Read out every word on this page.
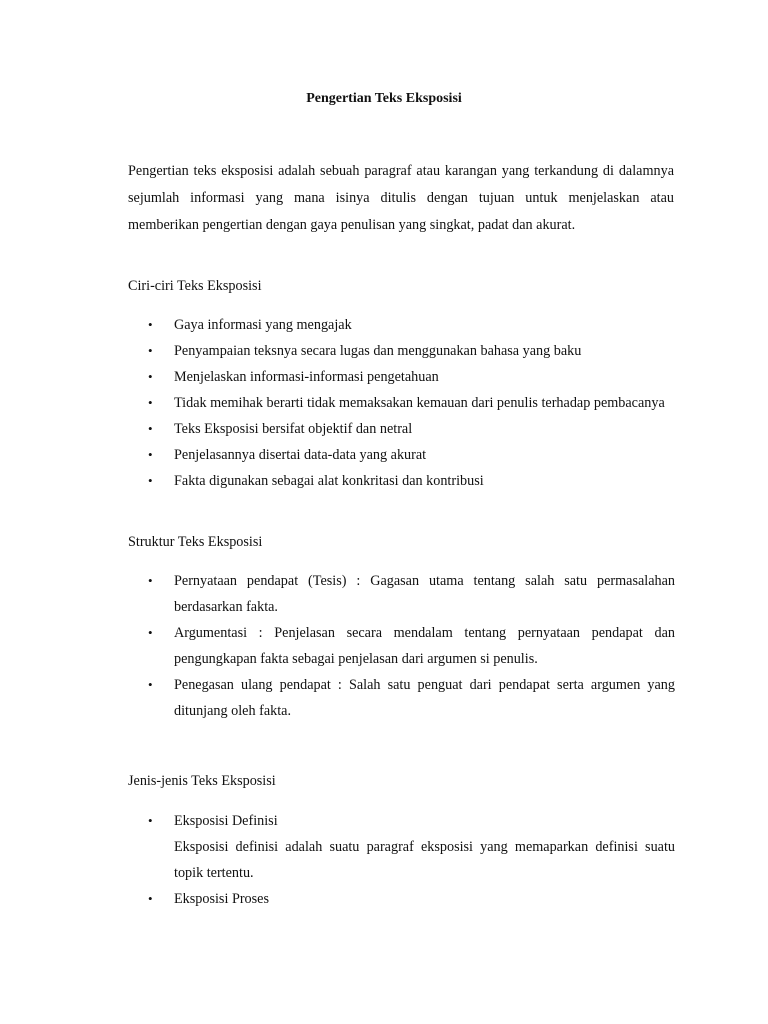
Pengertian Teks Eksposisi

Pengertian teks eksposisi adalah sebuah paragraf atau karangan yang terkandung di dalamnya sejumlah informasi yang mana isinya ditulis dengan tujuan untuk menjelaskan atau memberikan pengertian dengan gaya penulisan yang singkat, padat dan akurat.

Ciri-ciri Teks Eksposisi
• Gaya informasi yang mengajak
• Penyampaian teksnya secara lugas dan menggunakan bahasa yang baku
• Menjelaskan informasi-informasi pengetahuan
• Tidak memihak berarti tidak memaksakan kemauan dari penulis terhadap pembacanya
• Teks Eksposisi bersifat objektif dan netral
• Penjelasannya disertai data-data yang akurat
• Fakta digunakan sebagai alat konkritasi dan kontribusi
Struktur Teks Eksposisi
• Pernyataan pendapat (Tesis) : Gagasan utama tentang salah satu permasalahan berdasarkan fakta.
• Argumentasi : Penjelasan secara mendalam tentang pernyataan pendapat dan pengungkapan fakta sebagai penjelasan dari argumen si penulis.
• Penegasan ulang pendapat : Salah satu penguat dari pendapat serta argumen yang ditunjang oleh fakta.
Jenis-jenis Teks Eksposisi
• Eksposisi Definisi
Eksposisi definisi adalah suatu paragraf eksposisi yang memaparkan definisi suatu topik tertentu.
• Eksposisi Proses
